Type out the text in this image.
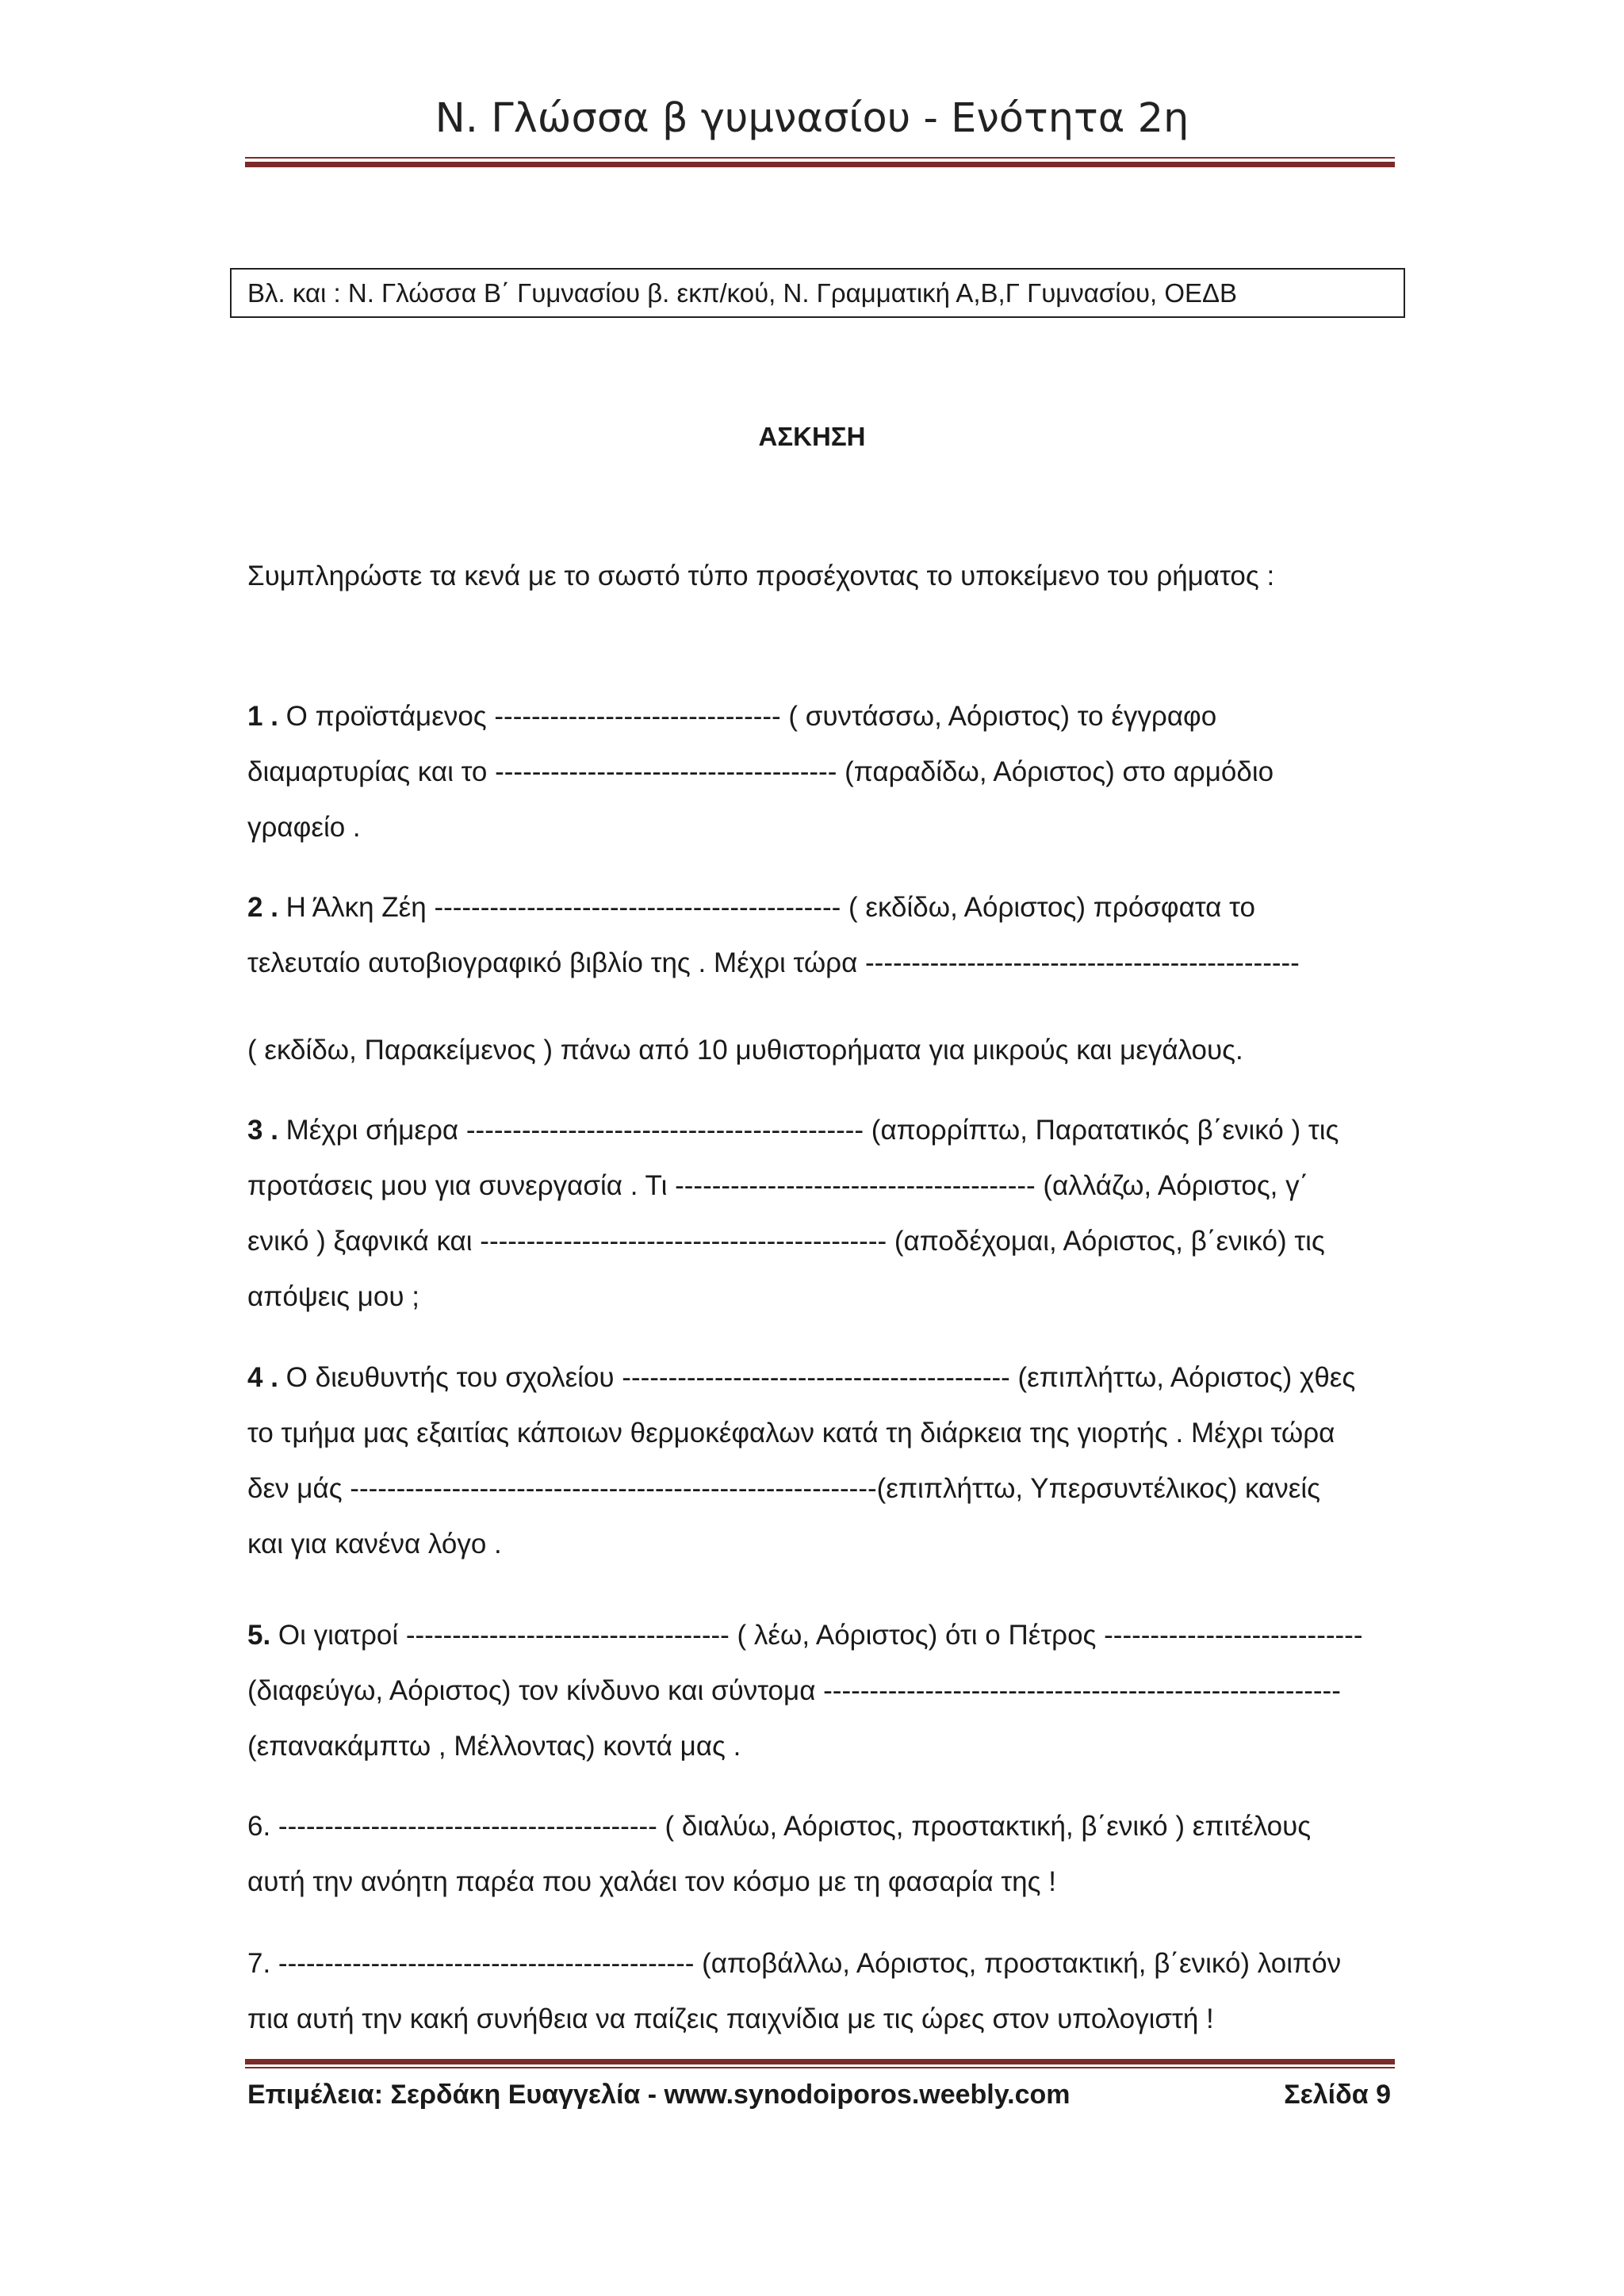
Ν. Γλώσσα β γυμνασίου - Ενότητα 2η
Βλ. και : Ν. Γλώσσα Β΄ Γυμνασίου β. εκπ/κού, Ν. Γραμματική Α,Β,Γ Γυμνασίου, ΟΕΔΒ
ΑΣΚΗΣΗ
Συμπληρώστε τα κενά με το σωστό τύπο προσέχοντας το υποκείμενο του ρήματος :
1 . Ο προϊστάμενος ------------------------------- ( συντάσσω, Αόριστος) το έγγραφο
διαμαρτυρίας και το ------------------------------------- (παραδίδω, Αόριστος) στο αρμόδιο
γραφείο .
2 . Η Άλκη Ζέη -------------------------------------------- ( εκδίδω, Αόριστος) πρόσφατα το
τελευταίο αυτοβιογραφικό βιβλίο της . Μέχρι τώρα -----------------------------------------------
( εκδίδω, Παρακείμενος ) πάνω από 10 μυθιστορήματα για μικρούς και μεγάλους.
3 . Μέχρι σήμερα ------------------------------------------- (απορρίπτω, Παρατατικός β΄ενικό ) τις
προτάσεις μου για συνεργασία . Τι --------------------------------------- (αλλάζω, Αόριστος, γ΄
ενικό ) ξαφνικά και -------------------------------------------- (αποδέχομαι, Αόριστος, β΄ενικό) τις
απόψεις μου ;
4 . Ο διευθυντής του σχολείου ------------------------------------------ (επιπλήττω, Αόριστος) χθες
το τμήμα μας εξαιτίας κάποιων θερμοκέφαλων κατά τη διάρκεια της γιορτής . Μέχρι τώρα
δεν μάς ---------------------------------------------------------(επιπλήττω, Υπερσυντέλικος) κανείς
και για κανένα λόγο .
5. Οι γιατροί ----------------------------------- ( λέω, Αόριστος) ότι ο Πέτρος ----------------------------
(διαφεύγω, Αόριστος) τον κίνδυνο και σύντομα --------------------------------------------------------
(επανακάμπτω , Μέλλοντας) κοντά μας .
6. ----------------------------------------- ( διαλύω, Αόριστος, προστακτική, β΄ενικό ) επιτέλους
αυτή την ανόητη παρέα που χαλάει τον κόσμο με τη φασαρία της !
7. --------------------------------------------- (αποβάλλω, Αόριστος, προστακτική, β΄ενικό) λοιπόν
πια αυτή την κακή συνήθεια να παίζεις παιχνίδια με τις ώρες στον υπολογιστή !
Επιμέλεια: Σερδάκη Ευαγγελία - www.synodoiporos.weebly.com	Σελίδα 9
